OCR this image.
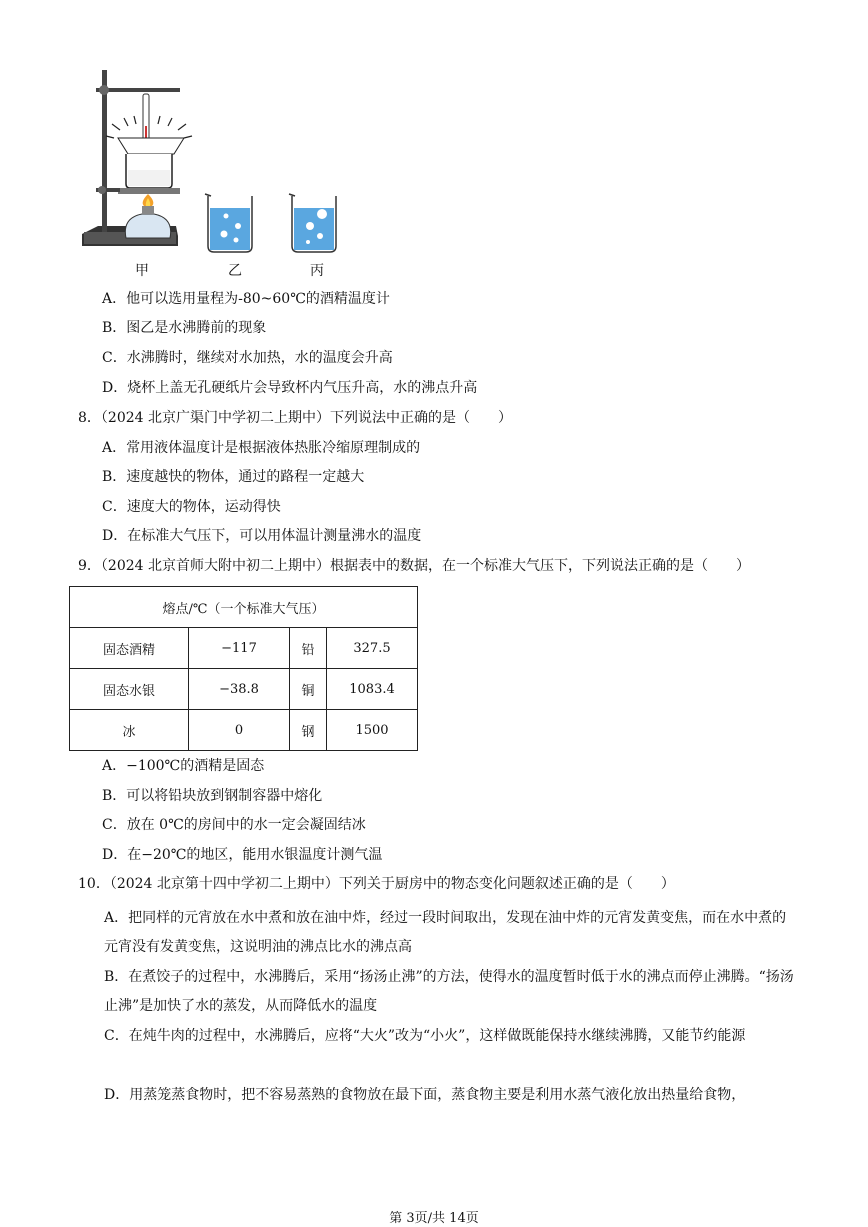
甲	乙	丙
A．他可以选用量程为-80~60℃的酒精温度计
B．图乙是水沸腾前的现象
C．水沸腾时，继续对水加热，水的温度会升高
D．烧杯上盖无孔硬纸片会导致杯内气压升高，水的沸点升高
8．（2024 北京广渠门中学初二上期中）下列说法中正确的是（　　）
A．常用液体温度计是根据液体热胀冷缩原理制成的
B．速度越快的物体，通过的路程一定越大
C．速度大的物体，运动得快
D．在标准大气压下，可以用体温计测量沸水的温度
9．（2024 北京首师大附中初二上期中）根据表中的数据，在一个标准大气压下，下列说法正确的是（　　）
熔点/℃（一个标准大气压）			
固态酒精	−117	铅	327.5
固态水银	−38.8	铜	1083.4
冰	0	钢	1500
A．−100℃的酒精是固态
B．可以将铅块放到钢制容器中熔化
C．放在 0℃的房间中的水一定会凝固结冰
D．在−20℃的地区，能用水银温度计测气温
10．（2024 北京第十四中学初二上期中）下列关于厨房中的物态变化问题叙述正确的是（　　）
A．把同样的元宵放在水中煮和放在油中炸，经过一段时间取出，发现在油中炸的元宵发黄变焦，而在水中煮的元宵没有发黄变焦，这说明油的沸点比水的沸点高
B．在煮饺子的过程中，水沸腾后，采用“扬汤止沸”的方法，使得水的温度暂时低于水的沸点而停止沸腾。“扬汤止沸”是加快了水的蒸发，从而降低水的温度
C．在炖牛肉的过程中，水沸腾后，应将“大火”改为“小火”，这样做既能保持水继续沸腾，又能节约能源
D．用蒸笼蒸食物时，把不容易蒸熟的食物放在最下面，蒸食物主要是利用水蒸气液化放出热量给食物，
第 3页/共 14页
